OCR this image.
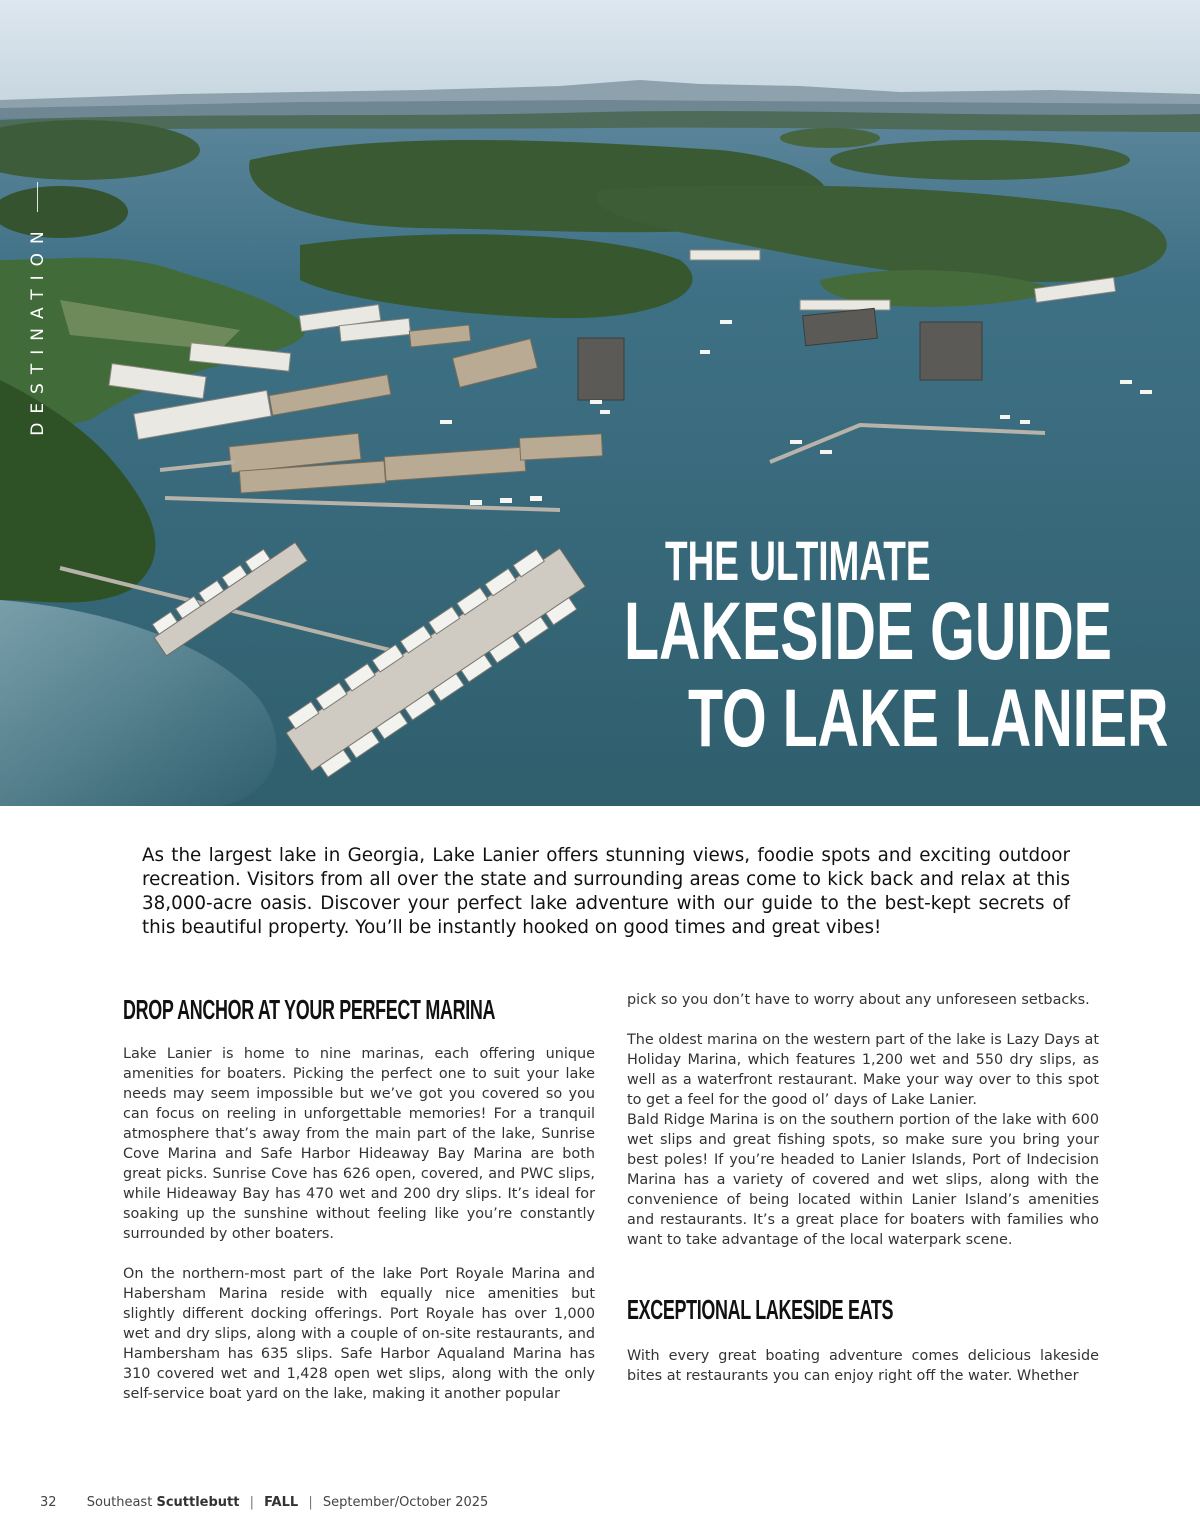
DESTINATION
THE ULTIMATE
LAKESIDE GUIDE
TO LAKE LANIER

As the largest lake in Georgia, Lake Lanier offers stunning views, foodie spots and exciting outdoor recreation. Visitors from all over the state and surrounding areas come to kick back and relax at this 38,000-acre oasis. Discover your perfect lake adventure with our guide to the best-kept secrets of this beautiful property. You’ll be instantly hooked on good times and great vibes!

DROP ANCHOR AT YOUR PERFECT MARINA

Lake Lanier is home to nine marinas, each offering unique amenities for boaters. Picking the perfect one to suit your lake needs may seem impossible but we’ve got you covered so you can focus on reeling in unforgettable memories! For a tranquil atmosphere that’s away from the main part of the lake, Sunrise Cove Marina and Safe Harbor Hideaway Bay Marina are both great picks. Sunrise Cove has 626 open, covered, and PWC slips, while Hideaway Bay has 470 wet and 200 dry slips. It’s ideal for soaking up the sunshine without feeling like you’re constantly surrounded by other boaters.

On the northern-most part of the lake Port Royale Marina and Habersham Marina reside with equally nice amenities but slightly different docking offerings. Port Royale has over 1,000 wet and dry slips, along with a couple of on-site restaurants, and Hambersham has 635 slips. Safe Harbor Aqualand Marina has 310 covered wet and 1,428 open wet slips, along with the only self-service boat yard on the lake, making it another popular

pick so you don’t have to worry about any unforeseen setbacks.

The oldest marina on the western part of the lake is Lazy Days at Holiday Marina, which features 1,200 wet and 550 dry slips, as well as a waterfront restaurant. Make your way over to this spot to get a feel for the good ol’ days of Lake Lanier.

Bald Ridge Marina is on the southern portion of the lake with 600 wet slips and great fishing spots, so make sure you bring your best poles! If you’re headed to Lanier Islands, Port of Indecision Marina has a variety of covered and wet slips, along with the convenience of being located within Lanier Island’s amenities and restaurants. It’s a great place for boaters with families who want to take advantage of the local waterpark scene.

EXCEPTIONAL LAKESIDE EATS

With every great boating adventure comes delicious lakeside bites at restaurants you can enjoy right off the water. Whether

32 Southeast Scuttlebutt | FALL | September/October 2025
